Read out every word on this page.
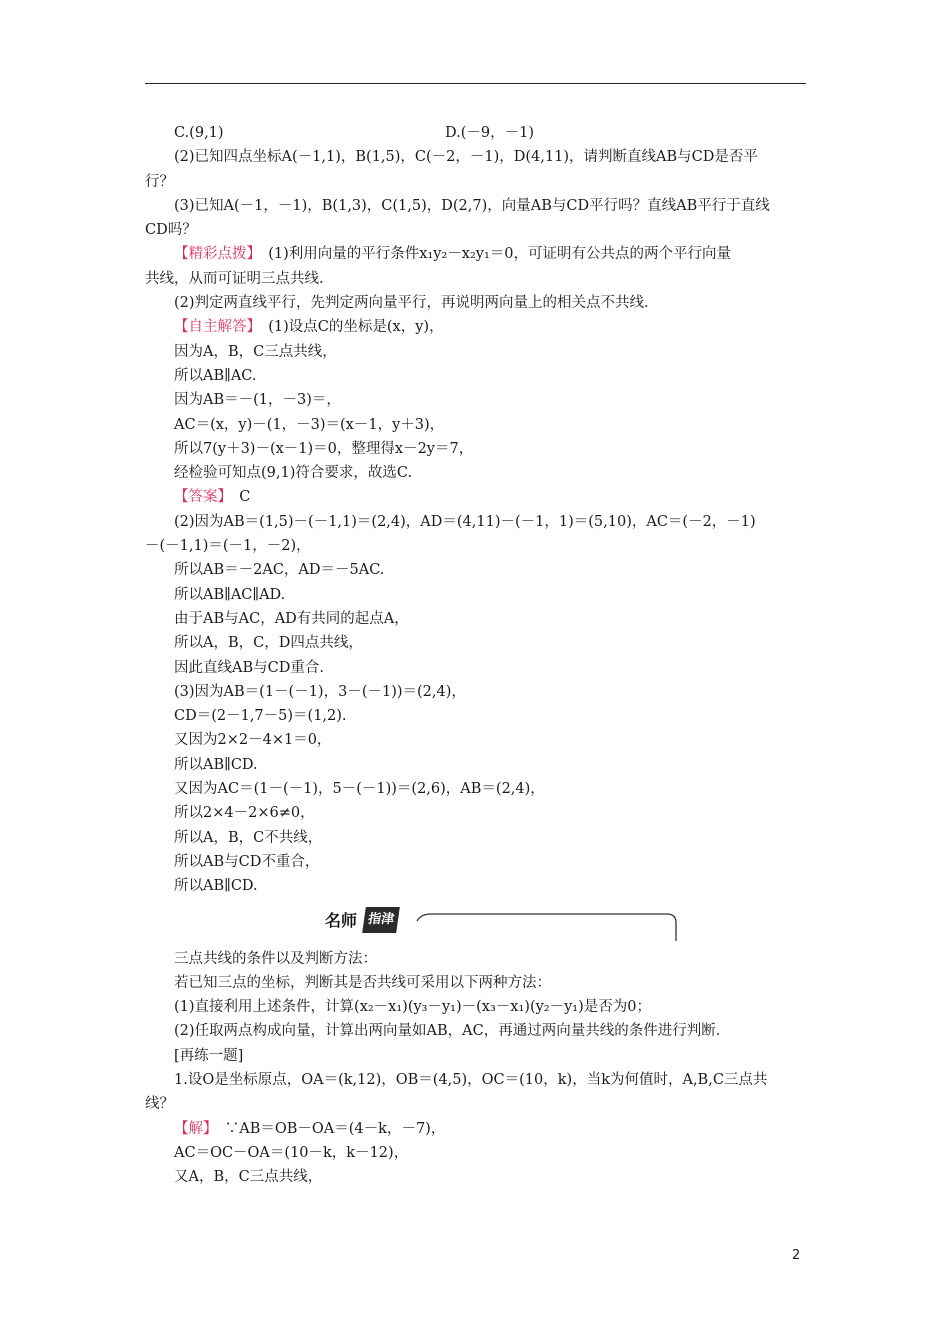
C.(9,1)	D.(－9，－1)
(2)已知四点坐标A(－1,1)，B(1,5)，C(－2，－1)，D(4,11)，请判断直线AB与CD是否平
行？
(3)已知A(－1，－1)，B(1,3)，C(1,5)，D(2,7)，向量AB与CD平行吗？直线AB平行于直线
CD吗？
【精彩点拨】　(1)利用向量的平行条件x₁y₂－x₂y₁＝0，可证明有公共点的两个平行向量
共线，从而可证明三点共线.
(2)判定两直线平行，先判定两向量平行，再说明两向量上的相关点不共线.
【自主解答】　(1)设点C的坐标是(x，y)，
因为A，B，C三点共线，
所以AB∥AC.
因为AB＝－(1，－3)＝，
AC＝(x，y)－(1，－3)＝(x－1，y＋3)，
所以7(y＋3)－(x－1)＝0，整理得x－2y＝7，
经检验可知点(9,1)符合要求，故选C.
【答案】　C
(2)因为AB＝(1,5)－(－1,1)＝(2,4)，AD＝(4,11)－(－1，1)＝(5,10)，AC＝(－2，－1)
－(－1,1)＝(－1，－2)，
所以AB＝－2AC，AD＝－5AC.
所以AB∥AC∥AD.
由于AB与AC，AD有共同的起点A，
所以A，B，C，D四点共线，
因此直线AB与CD重合.
(3)因为AB＝(1－(－1)，3－(－1))＝(2,4)，
CD＝(2－1,7－5)＝(1,2).
又因为2×2－4×1＝0，
所以AB∥CD.
又因为AC＝(1－(－1)，5－(－1))＝(2,6)，AB＝(2,4)，
所以2×4－2×6≠0，
所以A，B，C不共线，
所以AB与CD不重合，
所以AB∥CD.
名师 指津
三点共线的条件以及判断方法：
若已知三点的坐标，判断其是否共线可采用以下两种方法：
(1)直接利用上述条件，计算(x₂－x₁)(y₃－y₁)－(x₃－x₁)(y₂－y₁)是否为0；
(2)任取两点构成向量，计算出两向量如AB，AC，再通过两向量共线的条件进行判断.
[再练一题]
1.设O是坐标原点，OA＝(k,12)，OB＝(4,5)，OC＝(10，k)，当k为何值时，A,B,C三点共
线？
【解】　∵AB＝OB－OA＝(4－k，－7)，
AC＝OC－OA＝(10－k，k－12)，
又A，B，C三点共线，
2
